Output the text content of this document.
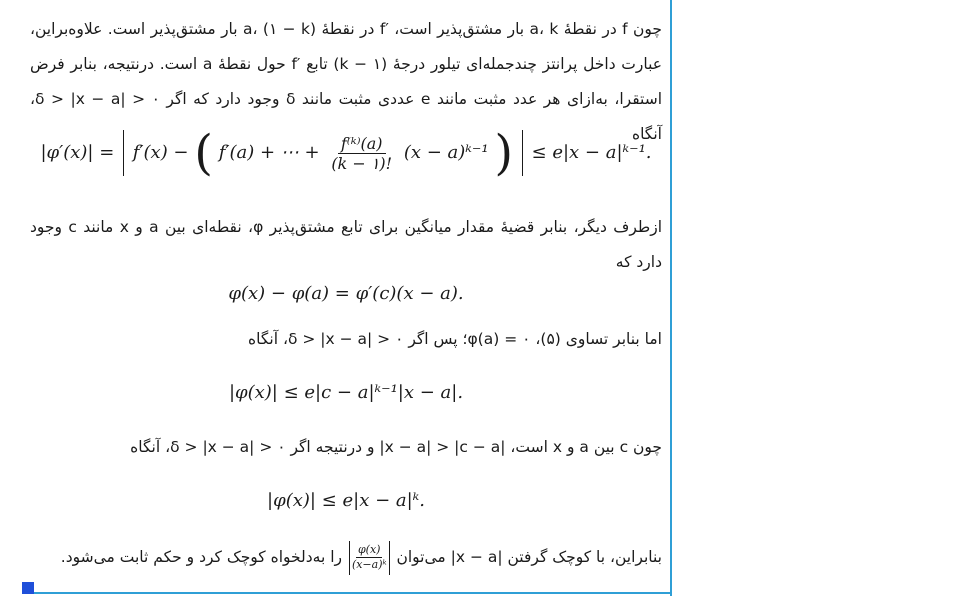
چون f در نقطهٔ a، k بار مشتق‌پذیر است، ′f در نقطهٔ a، (۱ − k) بار مشتق‌پذیر است. علاوه‌براین، عبارت داخل پرانتز چندجمله‌ای تیلور درجهٔ (۱ − k) تابع ′f حول نقطهٔ a است. درنتیجه، بنابر فرض استقرا، به‌ازای هر عدد مثبت مانند e عددی مثبت مانند δ وجود دارد که اگر δ > |x − a| > ۰، آنگاه
|φ′(x)| = f′(x) − ( f′(a) + ⋯ + $\frac{\text{f⁽ᵏ⁾(a)}}{(k - ۱)!} (x$ − a)ᵏ⁻¹ ) ≤ e|x − a|ᵏ⁻¹.
ازطرف دیگر، بنابر قضیهٔ مقدار میانگین برای تابع مشتق‌پذیر φ، نقطه‌ای بین a و x مانند c وجود دارد که
φ(x) − φ(a) = φ′(c)(x − a).
اما بنابر تساوی (۵)، ۰ = φ(a)؛ پس اگر δ > |x − a| > ۰، آنگاه
|φ(x)| ≤ e|c − a|ᵏ⁻¹|x − a|.
چون c بین a و x است، |x − a| > |c − a| و درنتیجه اگر δ > |x − a| > ۰، آنگاه
|φ(x)| ≤ e|x − a|ᵏ.
بنابراین، با کوچک گرفتن |x − a| می‌توان
$\frac{\varphi(x)}{\text{(x−a)ᵏ}}$
را به‌دلخواه کوچک کرد و حکم ثابت می‌شود.
